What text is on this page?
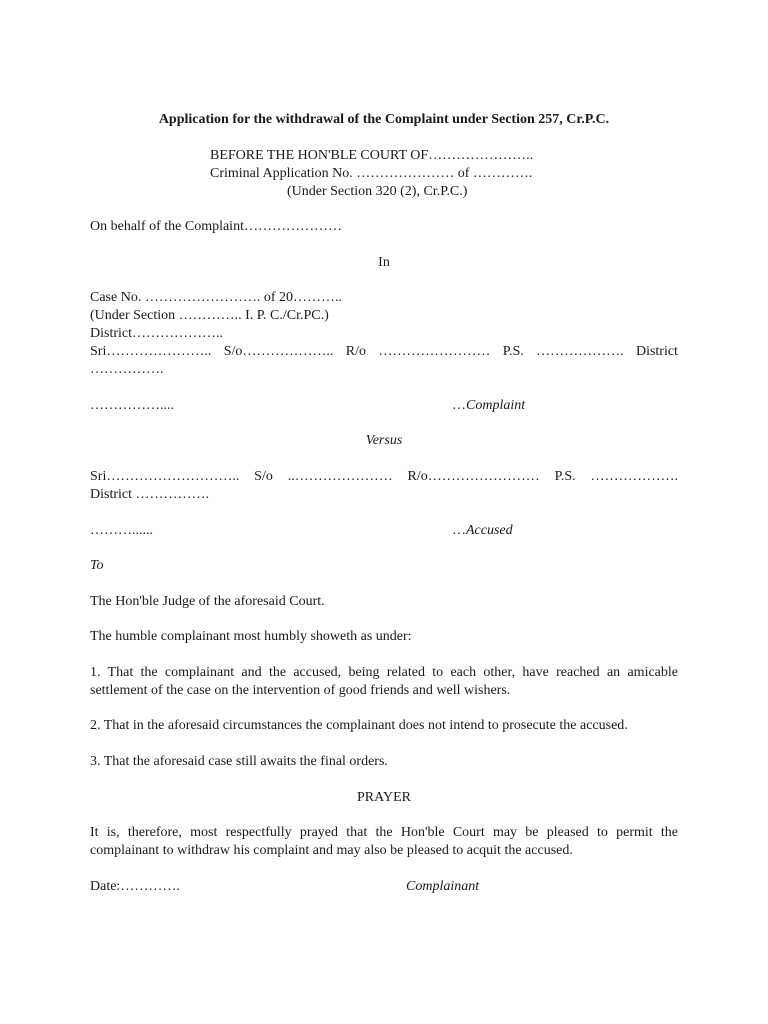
Application for the withdrawal of the Complaint under Section 257, Cr.P.C.
BEFORE THE HON'BLE COURT OF…………………..
Criminal Application No. ………………… of ………….
(Under Section 320 (2), Cr.P.C.)
On behalf of the Complaint…………………
In
Case No. ……………………. of 20………..
(Under Section ………….. I. P. C./Cr.PC.)
District………………..
Sri………………….. S/o……………….. R/o …………………… P.S. ………………. District
…………….
……………....	…Complaint
Versus
Sri……………………….. S/o ..………………… R/o…………………… P.S. ……………….
District …………….
………......	…Accused
To
The Hon'ble Judge of the aforesaid Court.
The humble complainant most humbly showeth as under:
1. That the complainant and the accused, being related to each other, have reached an amicable settlement of the case on the intervention of good friends and well wishers.
2. That in the aforesaid circumstances the complainant does not intend to prosecute the accused.
3. That the aforesaid case still awaits the final orders.
PRAYER
It is, therefore, most respectfully prayed that the Hon'ble Court may be pleased to permit the complainant to withdraw his complaint and may also be pleased to acquit the accused.
Date:………….	Complainant
